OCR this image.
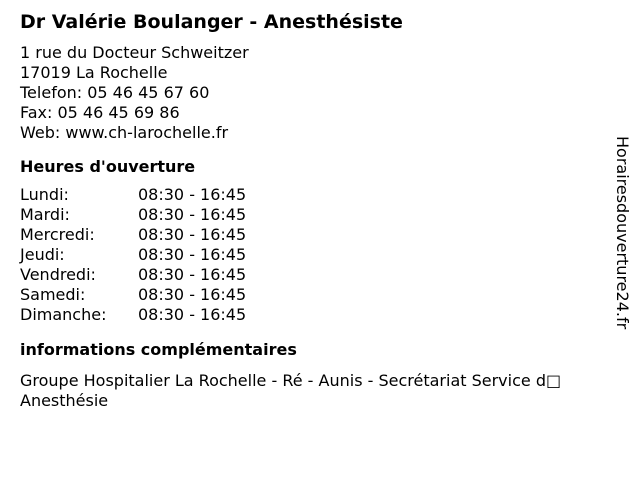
Dr Valérie Boulanger - Anesthésiste
1 rue du Docteur Schweitzer
17019 La Rochelle
Telefon: 05 46 45 67 60
Fax: 05 46 45 69 86
Web: www.ch-larochelle.fr
Heures d'ouverture
Lundi:	08:30 - 16:45
Mardi:	08:30 - 16:45
Mercredi:	08:30 - 16:45
Jeudi:	08:30 - 16:45
Vendredi:	08:30 - 16:45
Samedi:	08:30 - 16:45
Dimanche: 08:30 - 16:45
informations complémentaires
Groupe Hospitalier La Rochelle - Ré - Aunis - Secrétariat Service d□ Anesthésie
Horairesdouverture24.fr
